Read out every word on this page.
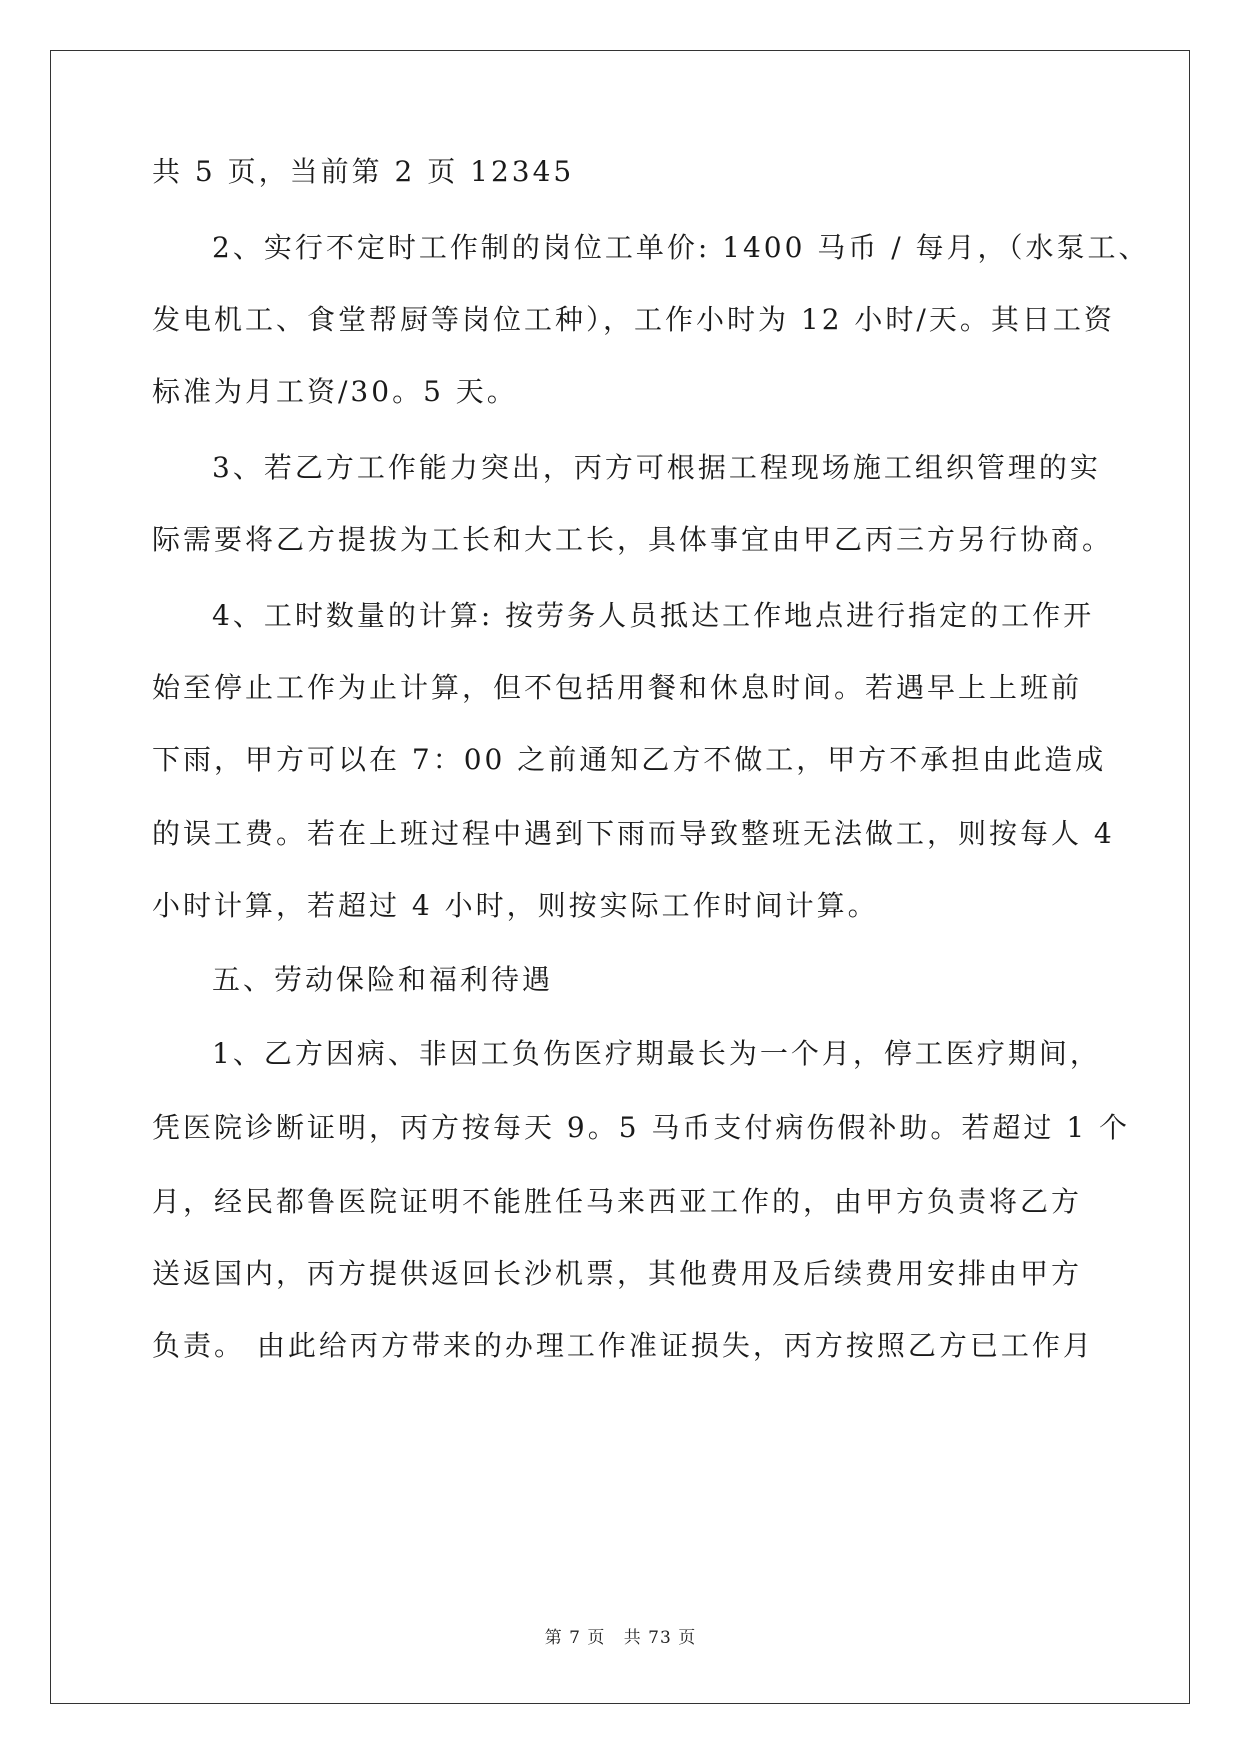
共 5 页，当前第 2 页 12345
2、实行不定时工作制的岗位工单价: 1400 马币 / 每月，（水泵工、
发电机工、食堂帮厨等岗位工种），工作小时为 12 小时/天。其日工资
标准为月工资/30。5 天。
3、若乙方工作能力突出，丙方可根据工程现场施工组织管理的实
际需要将乙方提拔为工长和大工长，具体事宜由甲乙丙三方另行协商。
4、工时数量的计算: 按劳务人员抵达工作地点进行指定的工作开
始至停止工作为止计算，但不包括用餐和休息时间。若遇早上上班前
下雨，甲方可以在 7：00 之前通知乙方不做工，甲方不承担由此造成
的误工费。若在上班过程中遇到下雨而导致整班无法做工，则按每人 4
小时计算，若超过 4 小时，则按实际工作时间计算。
五、劳动保险和福利待遇
1、乙方因病、非因工负伤医疗期最长为一个月，停工医疗期间，
凭医院诊断证明，丙方按每天 9。5 马币支付病伤假补助。若超过 1 个
月，经民都鲁医院证明不能胜任马来西亚工作的，由甲方负责将乙方
送返国内，丙方提供返回长沙机票，其他费用及后续费用安排由甲方
负责。 由此给丙方带来的办理工作准证损失，丙方按照乙方已工作月
第 7 页 共 73 页
